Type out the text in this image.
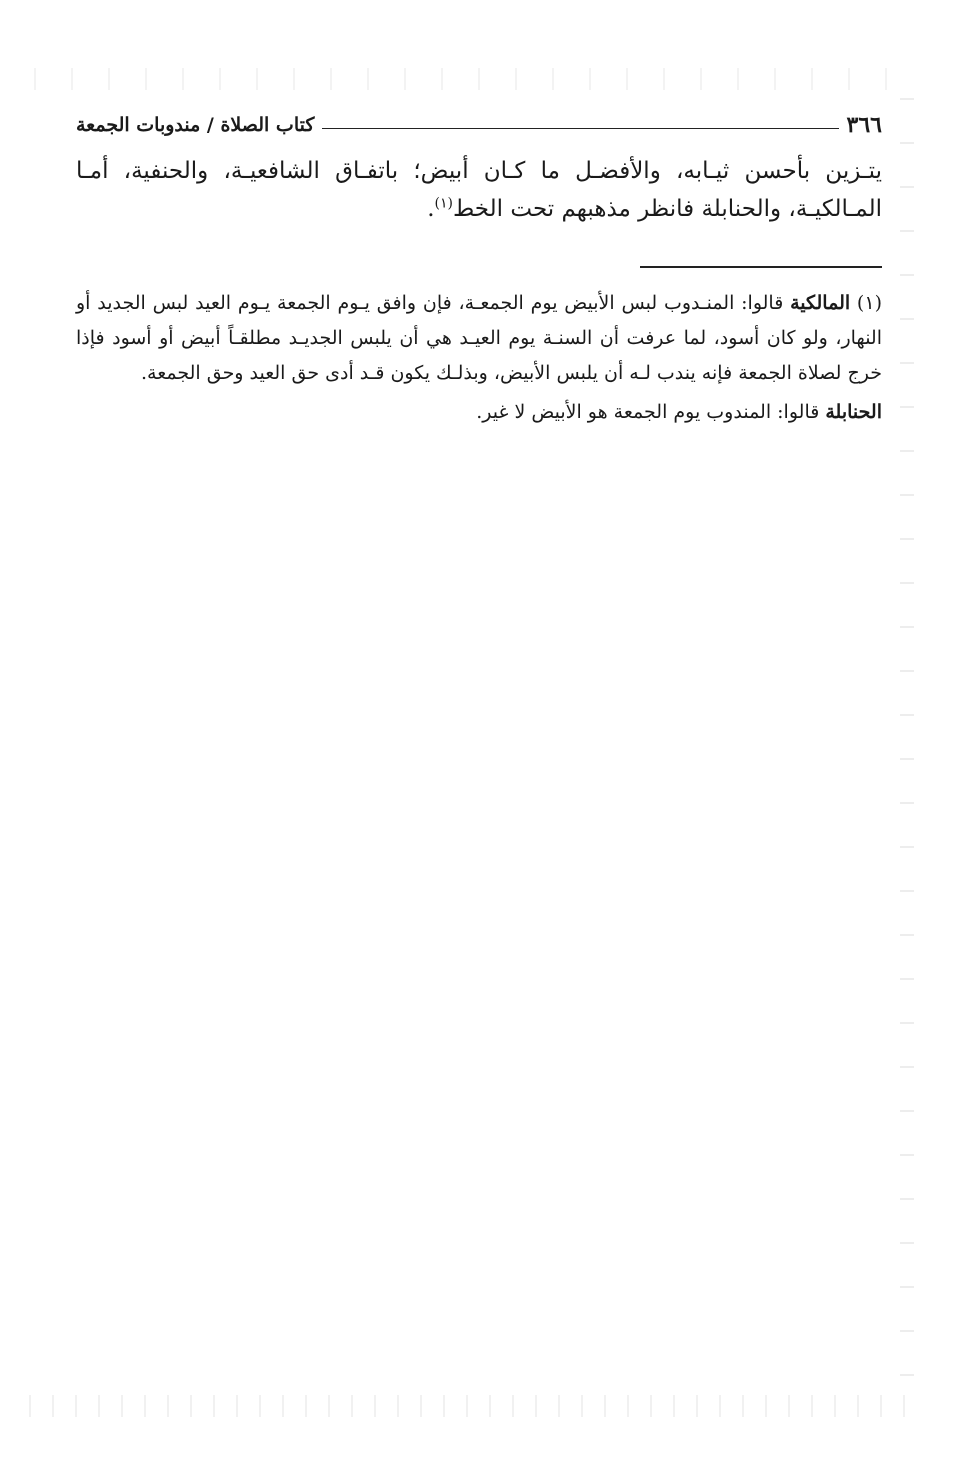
٣٦٦
كتاب الصلاة / مندوبات الجمعة

يتـزين بأحسن ثيـابه، والأفضـل ما كـان أبيض؛ باتفـاق الشافعيـة، والحنفية، أمـا المـالكيـة، والحنابلة فانظر مذهبهم تحت الخط$^{(١)}$.

(١) المالكية قالوا: المنـدوب لبس الأبيض يوم الجمعـة، فإن وافق يـوم الجمعة يـوم العيد لبس الجديد أو النهار، ولو كان أسود، لما عرفت أن السنـة يوم العيـد هي أن يلبس الجديـد مطلقـاً أبيض أو أسود فإذا خرج لصلاة الجمعة فإنه يندب لـه أن يلبس الأبيض، وبذلـك يكون قـد أدى حق العيد وحق الجمعة.

الحنابلة قالوا: المندوب يوم الجمعة هو الأبيض لا غير.
